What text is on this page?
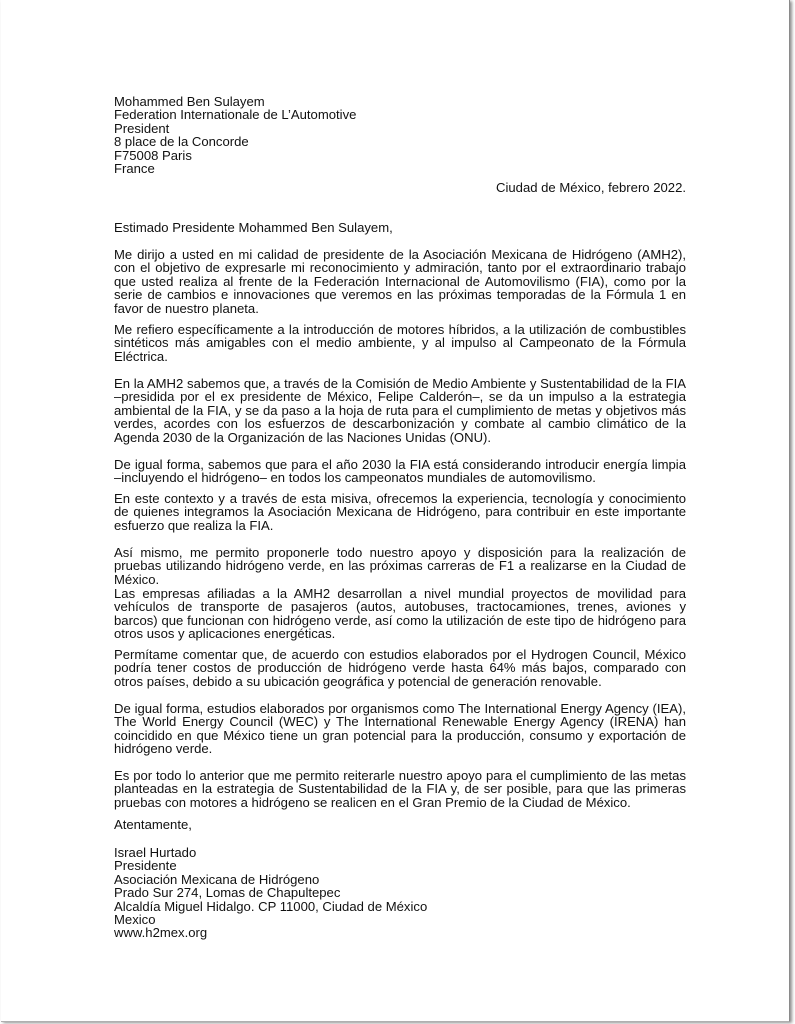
Mohammed Ben Sulayem
Federation Internationale de L’Automotive
President
8 place de la Concorde
F75008 Paris
France
Ciudad de México, febrero 2022.
Estimado Presidente Mohammed Ben Sulayem,
Me dirijo a usted en mi calidad de presidente de la Asociación Mexicana de Hidrógeno (AMH2), con el objetivo de expresarle mi reconocimiento y admiración, tanto por el extraordinario trabajo que usted realiza al frente de la Federación Internacional de Automovilismo (FIA), como por la serie de cambios e innovaciones que veremos en las próximas temporadas de la Fórmula 1 en favor de nuestro planeta.
Me refiero específicamente a la introducción de motores híbridos, a la utilización de combustibles sintéticos más amigables con el medio ambiente, y al impulso al Campeonato de la Fórmula Eléctrica.
En la AMH2 sabemos que, a través de la Comisión de Medio Ambiente y Sustentabilidad de la FIA –presidida por el ex presidente de México, Felipe Calderón–, se da un impulso a la estrategia ambiental de la FIA, y se da paso a la hoja de ruta para el cumplimiento de metas y objetivos más verdes, acordes con los esfuerzos de descarbonización y combate al cambio climático de la Agenda 2030 de la Organización de las Naciones Unidas (ONU).
De igual forma, sabemos que para el año 2030 la FIA está considerando introducir energía limpia –incluyendo el hidrógeno– en todos los campeonatos mundiales de automovilismo.
En este contexto y a través de esta misiva, ofrecemos la experiencia, tecnología y conocimiento de quienes integramos la Asociación Mexicana de Hidrógeno, para contribuir en este importante esfuerzo que realiza la FIA.
Así mismo, me permito proponerle todo nuestro apoyo y disposición para la realización de pruebas utilizando hidrógeno verde, en las próximas carreras de F1 a realizarse en la Ciudad de México.
Las empresas afiliadas a la AMH2 desarrollan a nivel mundial proyectos de movilidad para vehículos de transporte de pasajeros (autos, autobuses, tractocamiones, trenes, aviones y barcos) que funcionan con hidrógeno verde, así como la utilización de este tipo de hidrógeno para otros usos y aplicaciones energéticas.
Permítame comentar que, de acuerdo con estudios elaborados por el Hydrogen Council, México podría tener costos de producción de hidrógeno verde hasta 64% más bajos, comparado con otros países, debido a su ubicación geográfica y potencial de generación renovable.
De igual forma, estudios elaborados por organismos como The International Energy Agency (IEA), The World Energy Council (WEC) y The International Renewable Energy Agency (IRENA) han coincidido en que México tiene un gran potencial para la producción, consumo y exportación de hidrógeno verde.
Es por todo lo anterior que me permito reiterarle nuestro apoyo para el cumplimiento de las metas planteadas en la estrategia de Sustentabilidad de la FIA y, de ser posible, para que las primeras pruebas con motores a hidrógeno se realicen en el Gran Premio de la Ciudad de México.
Atentamente,
Israel Hurtado
Presidente
Asociación Mexicana de Hidrógeno
Prado Sur 274, Lomas de Chapultepec
Alcaldía Miguel Hidalgo. CP 11000, Ciudad de México
Mexico
www.h2mex.org
